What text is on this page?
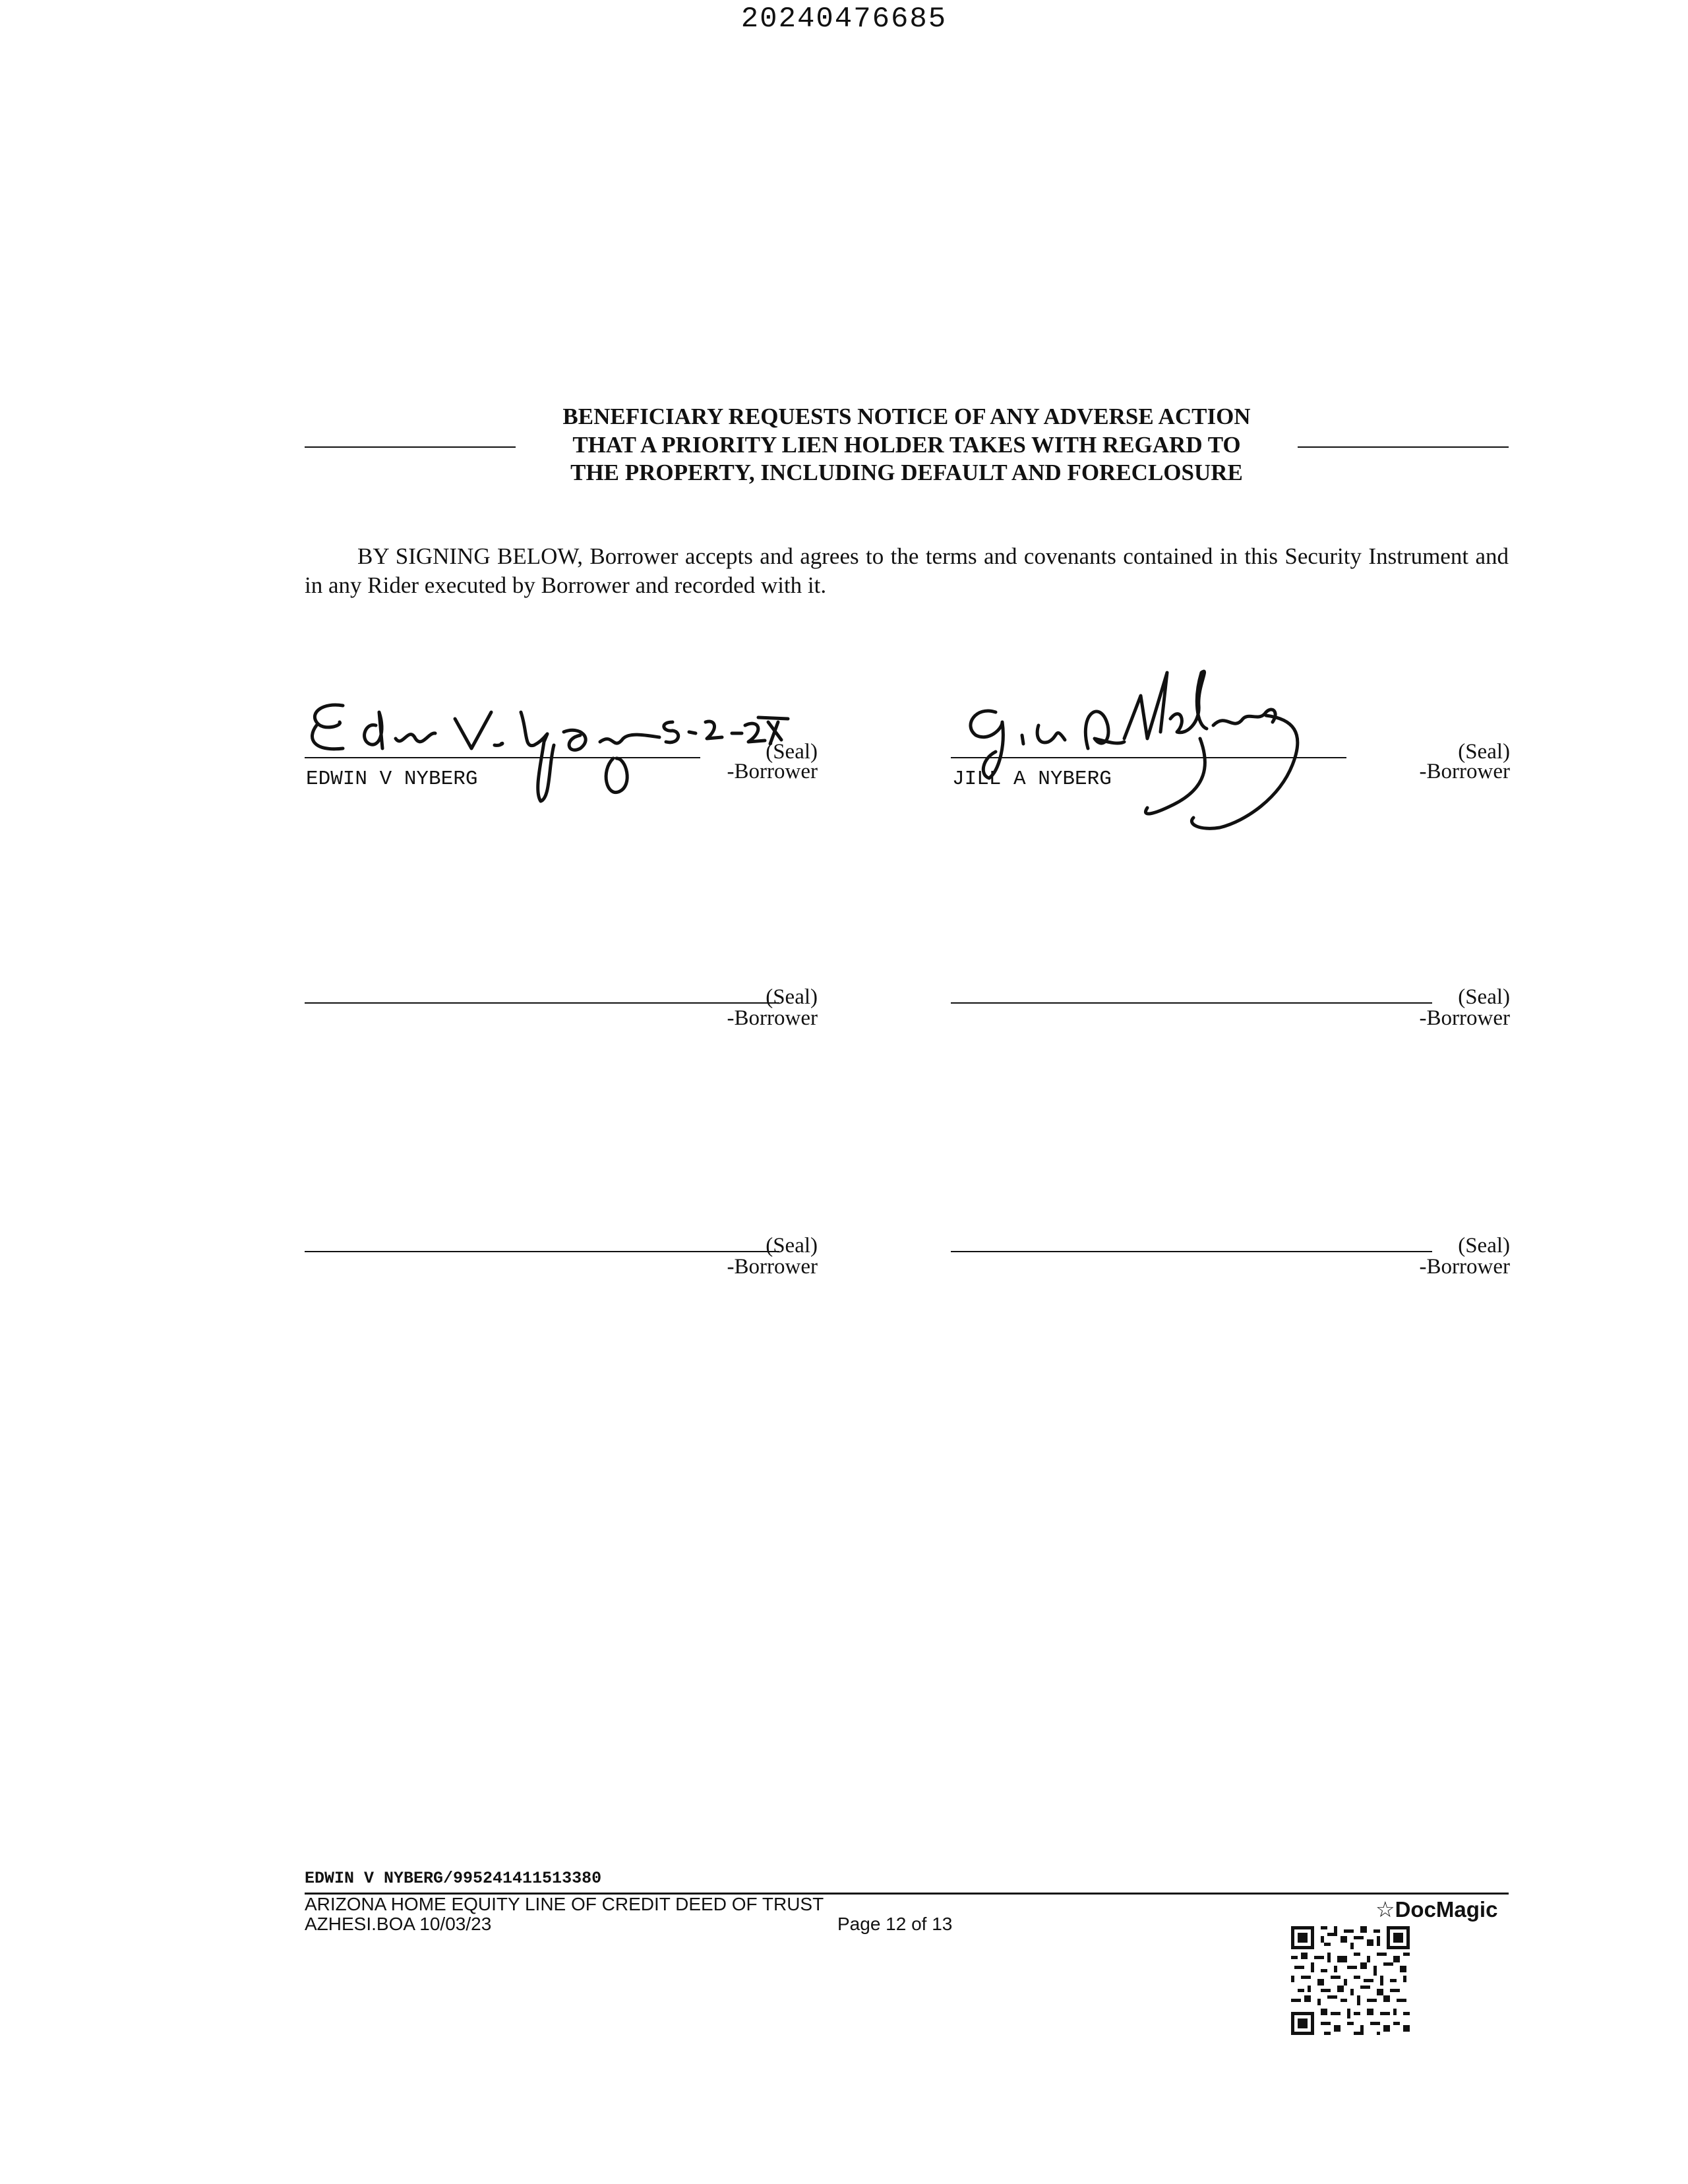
20240476685
BENEFICIARY REQUESTS NOTICE OF ANY ADVERSE ACTION
THAT A PRIORITY LIEN HOLDER TAKES WITH REGARD TO
THE PROPERTY, INCLUDING DEFAULT AND FORECLOSURE
BY SIGNING BELOW, Borrower accepts and agrees to the terms and covenants contained in this Security Instrument and in any Rider executed by Borrower and recorded with it.
(Seal)
-Borrower
EDWIN V NYBERG
(Seal)
-Borrower
JILL A NYBERG
(Seal)
-Borrower
(Seal)
-Borrower
(Seal)
-Borrower
(Seal)
-Borrower
EDWIN V NYBERG/995241411513380
ARIZONA HOME EQUITY LINE OF CREDIT DEED OF TRUST
AZHESI.BOA 10/03/23	Page 12 of 13
☆DocMagic
